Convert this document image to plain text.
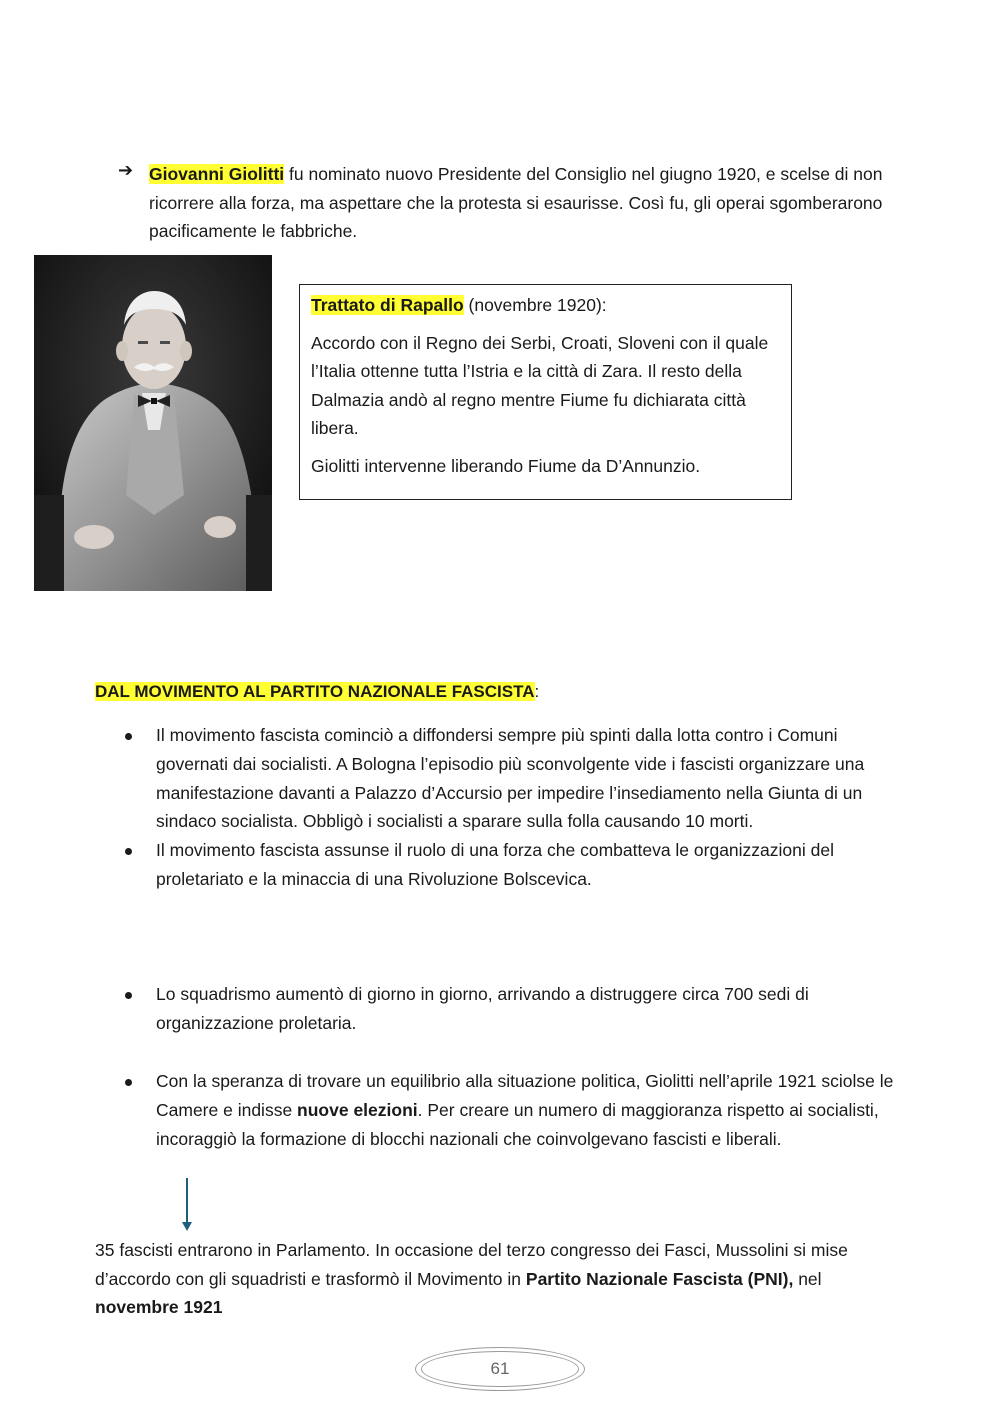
➔ Giovanni Giolitti fu nominato nuovo Presidente del Consiglio nel giugno 1920, e scelse di non ricorrere alla forza, ma aspettare che la protesta si esaurisse. Così fu, gli operai sgomberarono pacificamente le fabbriche.

Trattato di Rapallo (novembre 1920):

Accordo con il Regno dei Serbi, Croati, Sloveni con il quale l’Italia ottenne tutta l’Istria e la città di Zara. Il resto della Dalmazia andò al regno mentre Fiume fu dichiarata città libera.

Giolitti intervenne liberando Fiume da D’Annunzio.

DAL MOVIMENTO AL PARTITO NAZIONALE FASCISTA:
Il movimento fascista cominciò a diffondersi sempre più spinti dalla lotta contro i Comuni governati dai socialisti. A Bologna l’episodio più sconvolgente vide i fascisti organizzare una manifestazione davanti a Palazzo d’Accursio per impedire l’insediamento nella Giunta di un sindaco socialista. Obbligò i socialisti a sparare sulla folla causando 10 morti.
Il movimento fascista assunse il ruolo di una forza che combatteva le organizzazioni del proletariato e la minaccia di una Rivoluzione Bolscevica.
Lo squadrismo aumentò di giorno in giorno, arrivando a distruggere circa 700 sedi di organizzazione proletaria.
Con la speranza di trovare un equilibrio alla situazione politica, Giolitti nell’aprile 1921 sciolse le Camere e indisse nuove elezioni. Per creare un numero di maggioranza rispetto ai socialisti, incoraggiò la formazione di blocchi nazionali che coinvolgevano fascisti e liberali.
35 fascisti entrarono in Parlamento. In occasione del terzo congresso dei Fasci, Mussolini si mise d’accordo con gli squadristi e trasformò il Movimento in Partito Nazionale Fascista (PNI), nel novembre 1921
61
